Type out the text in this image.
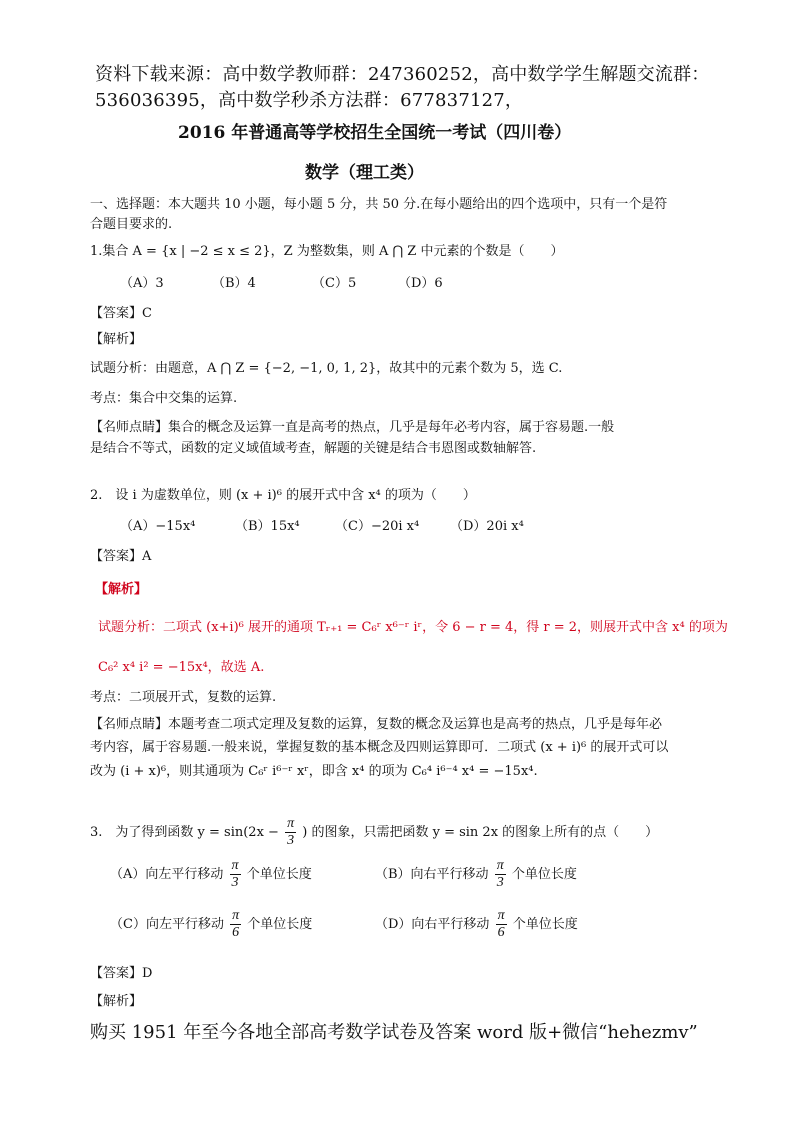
资料下载来源：高中数学教师群：247360252，高中数学学生解题交流群：
536036395，高中数学秒杀方法群：677837127，
2016 年普通高等学校招生全国统一考试（四川卷）
数学（理工类）
一、选择题：本大题共 10 小题，每小题 5 分，共 50 分.在每小题给出的四个选项中，只有一个是符
合题目要求的.
1.集合 A = {x | −2 ≤ x ≤ 2}，Z 为整数集，则 A ⋂ Z 中元素的个数是（　　）
（A）3	（B）4	（C）5	（D）6
【答案】C
【解析】
试题分析：由题意，A ⋂ Z = {−2, −1, 0, 1, 2}，故其中的元素个数为 5，选 C.
考点：集合中交集的运算.
【名师点睛】集合的概念及运算一直是高考的热点，几乎是每年必考内容，属于容易题.一般
是结合不等式，函数的定义域值域考查，解题的关键是结合韦恩图或数轴解答.
2.　设 i 为虚数单位，则 (x + i)⁶ 的展开式中含 x⁴ 的项为（　　）
（A）−15x⁴	（B）15x⁴	（C）−20i x⁴ （D）20i x⁴
【答案】A
【解析】
试题分析：二项式 (x+i)⁶ 展开的通项 Tᵣ₊₁ = C₆ʳ x⁶⁻ʳ iʳ，令 6 − r = 4，得 r = 2，则展开式中含 x⁴ 的项为
C₆² x⁴ i² = −15x⁴，故选 A.
考点：二项展开式，复数的运算.
【名师点睛】本题考查二项式定理及复数的运算，复数的概念及运算也是高考的热点，几乎是每年必
考内容，属于容易题.一般来说，掌握复数的基本概念及四则运算即可．二项式 (x + i)⁶ 的展开式可以
改为 (i + x)⁶，则其通项为 C₆ʳ i⁶⁻ʳ xʳ，即含 x⁴ 的项为 C₆⁴ i⁶⁻⁴ x⁴ = −15x⁴.
3.　为了得到函数 $y = \sin(2x - \frac{\pi}{3}$ ) 的图象，只需把函数 y = sin 2x 的图象上所有的点（　　）
（A）向左平行移动 $\frac{\pi}{3}$ 个单位长度	（B）向右平行移动 $\frac{\pi}{3}$ 个单位长度
（C）向左平行移动 $\frac{\pi}{6}$ 个单位长度	（D）向右平行移动 $\frac{\pi}{6}$ 个单位长度
【答案】D
【解析】
购买 1951 年至今各地全部高考数学试卷及答案 word 版+微信“hehezmv”
